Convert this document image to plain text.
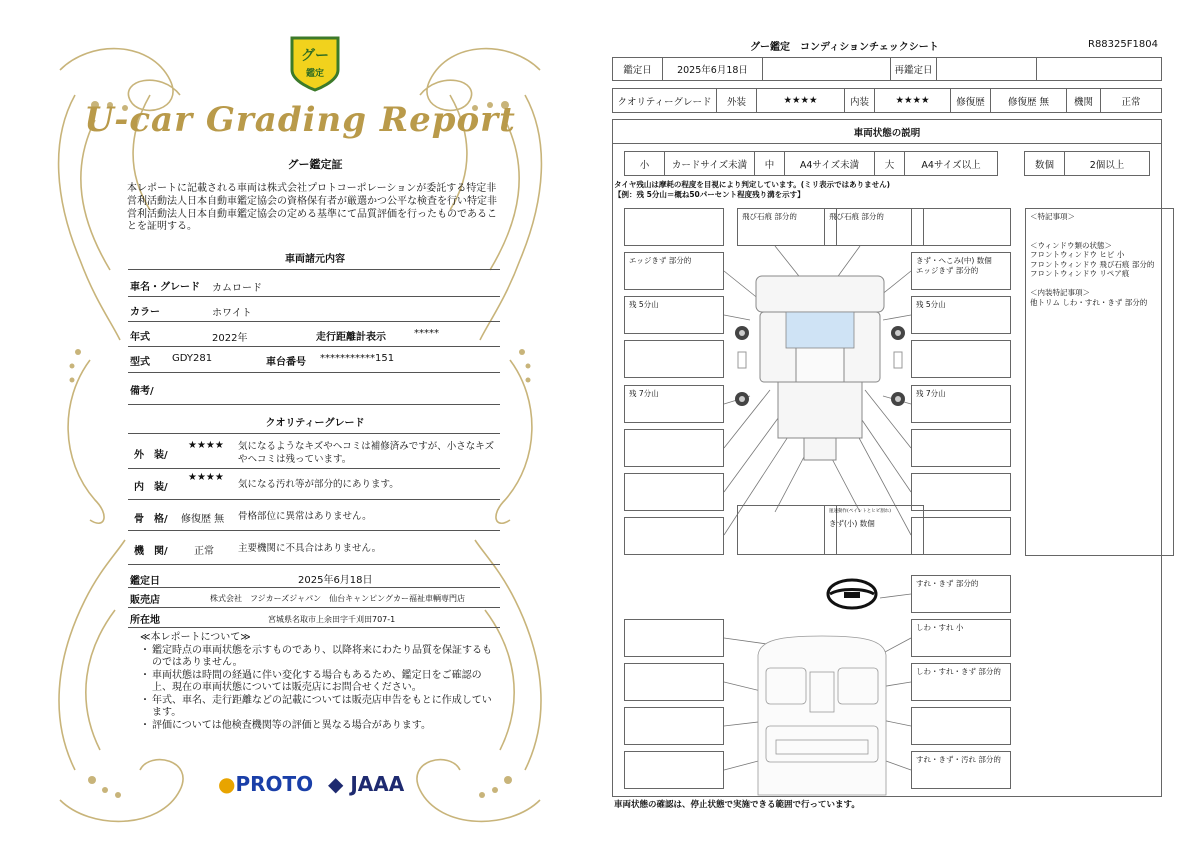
グー
鑑定
U-car Grading Report
グー鑑定証
本レポートに記載される車両は株式会社プロトコーポレーションが委託する特定非営利活動法人日本自動車鑑定協会の資格保有者が厳選かつ公平な検査を行い特定非営利活動法人日本自動車鑑定協会の定める基準にて品質評価を行ったものであることを証明する。
車両諸元内容
車名・グレード カムロード
カラー	ホワイト
年式	2022年	走行距離計表示	*****
型式 GDY281	車台番号 ***********151
備考/
クオリティーグレード
外　装/
★★★★ 気になるようなキズやヘコミは補修済みですが、小さなキズやヘコミは残っています。
内　装/
★★★★
気になる汚れ等が部分的にあります。
骨　格/ 修復歴 無 骨格部位に異常はありません。
機　関/	正常	主要機関に不具合はありません。
鑑定日	2025年6月18日
販売店	株式会社　フジカーズジャパン　仙台キャンピングカー福祉車輌専門店
所在地	宮城県名取市上余田字千刈田707-1
≪本レポートについて≫
・ 鑑定時点の車両状態を示すものであり、以降将来にわたり品質を保証するものではありません。
・ 車両状態は時間の経過に伴い変化する場合もあるため、鑑定日をご確認の上、現在の車両状態については販売店にお問合せください。
・ 年式、車名、走行距離などの記載については販売店申告をもとに作成しています。
・ 評価については他検査機関等の評価と異なる場合があります。
●PROTO ◆ JAAA
グー鑑定　コンディションチェックシート	R88325F1804
鑑定日	2025年6月18日	再鑑定日
クオリティーグレード	外装	★★★★	内装	★★★★	修復歴	修復歴 無	機関	正常
車両状態の説明
小	カードサイズ未満	中	A4サイズ未満	大	A4サイズ以上	数個	2個以上
タイヤ残山は摩耗の程度を目視により判定しています。(ミリ表示ではありません)
【例：残 5分山＝概ね50パーセント程度残り溝を示す】
飛び石痕 部分的	飛び石痕 部分的
エッジきず 部分的	きず・へこみ(中) 数個
エッジきず 部分的
残 5分山	残 5分山
残 7分山	残 7分山
運速動作(ペイントとヒビ割れ)
きず(小) 数個
＜特記事項＞
＜ウィンドウ類の状態＞
フロントウィンドウ ヒビ 小
フロントウィンドウ 飛び石痕 部分的
フロントウィンドウ リペア痕
＜内装特記事項＞
他トリム しわ・すれ・きず 部分的
すれ・きず 部分的
しわ・すれ 小
しわ・すれ・きず 部分的
すれ・きず・汚れ 部分的
車両状態の確認は、停止状態で実施できる範囲で行っています。
